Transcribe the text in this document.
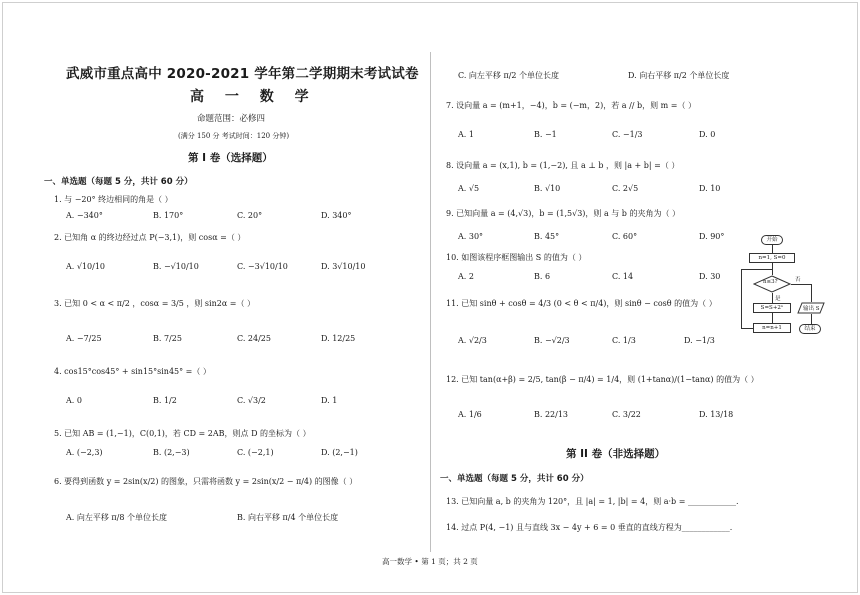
武威市重点高中 2020-2021 学年第二学期期末考试试卷
高 一 数 学
命题范围：必修四
(满分 150 分 考试时间：120 分钟)
第 I 卷（选择题）
一、单选题（每题 5 分，共计 60 分）
1. 与 −20° 终边相同的角是（ ）
A. −340°	B. 170°	C. 20°	D. 340°
2. 已知角 α 的终边经过点 P(−3,1)，则 cosα =（ ）
A. √10/10	B. −√10/10	C. −3√10/10	D. 3√10/10
3. 已知 0 < α < π/2 ，cosα = 3/5 ，则 sin2α =（ ）
A. −7/25	B. 7/25	C. 24/25	D. 12/25
4. cos15°cos45° + sin15°sin45° =（ ）
A. 0	B. 1/2	C. √3/2	D. 1
5. 已知 AB = (1,−1)，C(0,1)，若 CD = 2AB，则点 D 的坐标为（ ）
A. (−2,3)	B. (2,−3)	C. (−2,1)	D. (2,−1)
6. 要得到函数 y = 2sin(x/2) 的图象，只需将函数 y = 2sin(x/2 − π/4) 的图像（ ）
A. 向左平移 π/8 个单位长度	B. 向右平移 π/4 个单位长度
C. 向左平移 π/2 个单位长度	D. 向右平移 π/2 个单位长度
7. 设向量 a = (m+1，−4)，b = (−m，2)，若 a // b，则 m =（ ）
A. 1	B. −1	C. −1/3	D. 0
8. 设向量 a = (x,1), b = (1,−2), 且 a ⊥ b ，则 |a + b| =（ ）
A. √5	B. √10	C. 2√5	D. 10
9. 已知向量 a = (4,√3)，b = (1,5√3)，则 a 与 b 的夹角为（ ）
A. 30°	B. 45°	C. 60°	D. 90°
10. 如图该程序框图输出 S 的值为（ ）
A. 2	B. 6	C. 14	D. 30
11. 已知 sinθ + cosθ = 4/3 (0 < θ < π/4)，则 sinθ − cosθ 的值为（ ）
A. √2/3	B. −√2/3	C. 1/3	D. −1/3
12. 已知 tan(α+β) = 2/5, tan(β − π/4) = 1/4，则 (1+tanα)/(1−tanα) 的值为（ ）
A. 1/6	B. 22/13	C. 3/22	D. 13/18
第 II 卷（非选择题）
一、单选题（每题 5 分，共计 60 分）
13. 已知向量 a, b 的夹角为 120°，且 |a| = 1, |b| = 4，则 a·b = ____________.
14. 过点 P(4, −1) 且与直线 3x − 4y + 6 = 0 垂直的直线方程为____________.
开始
n=1, S=0
n≤3?	否
是
输出 S
结束
S=S+2ⁿ
n=n+1
高一数学 • 第 1 页；共 2 页
